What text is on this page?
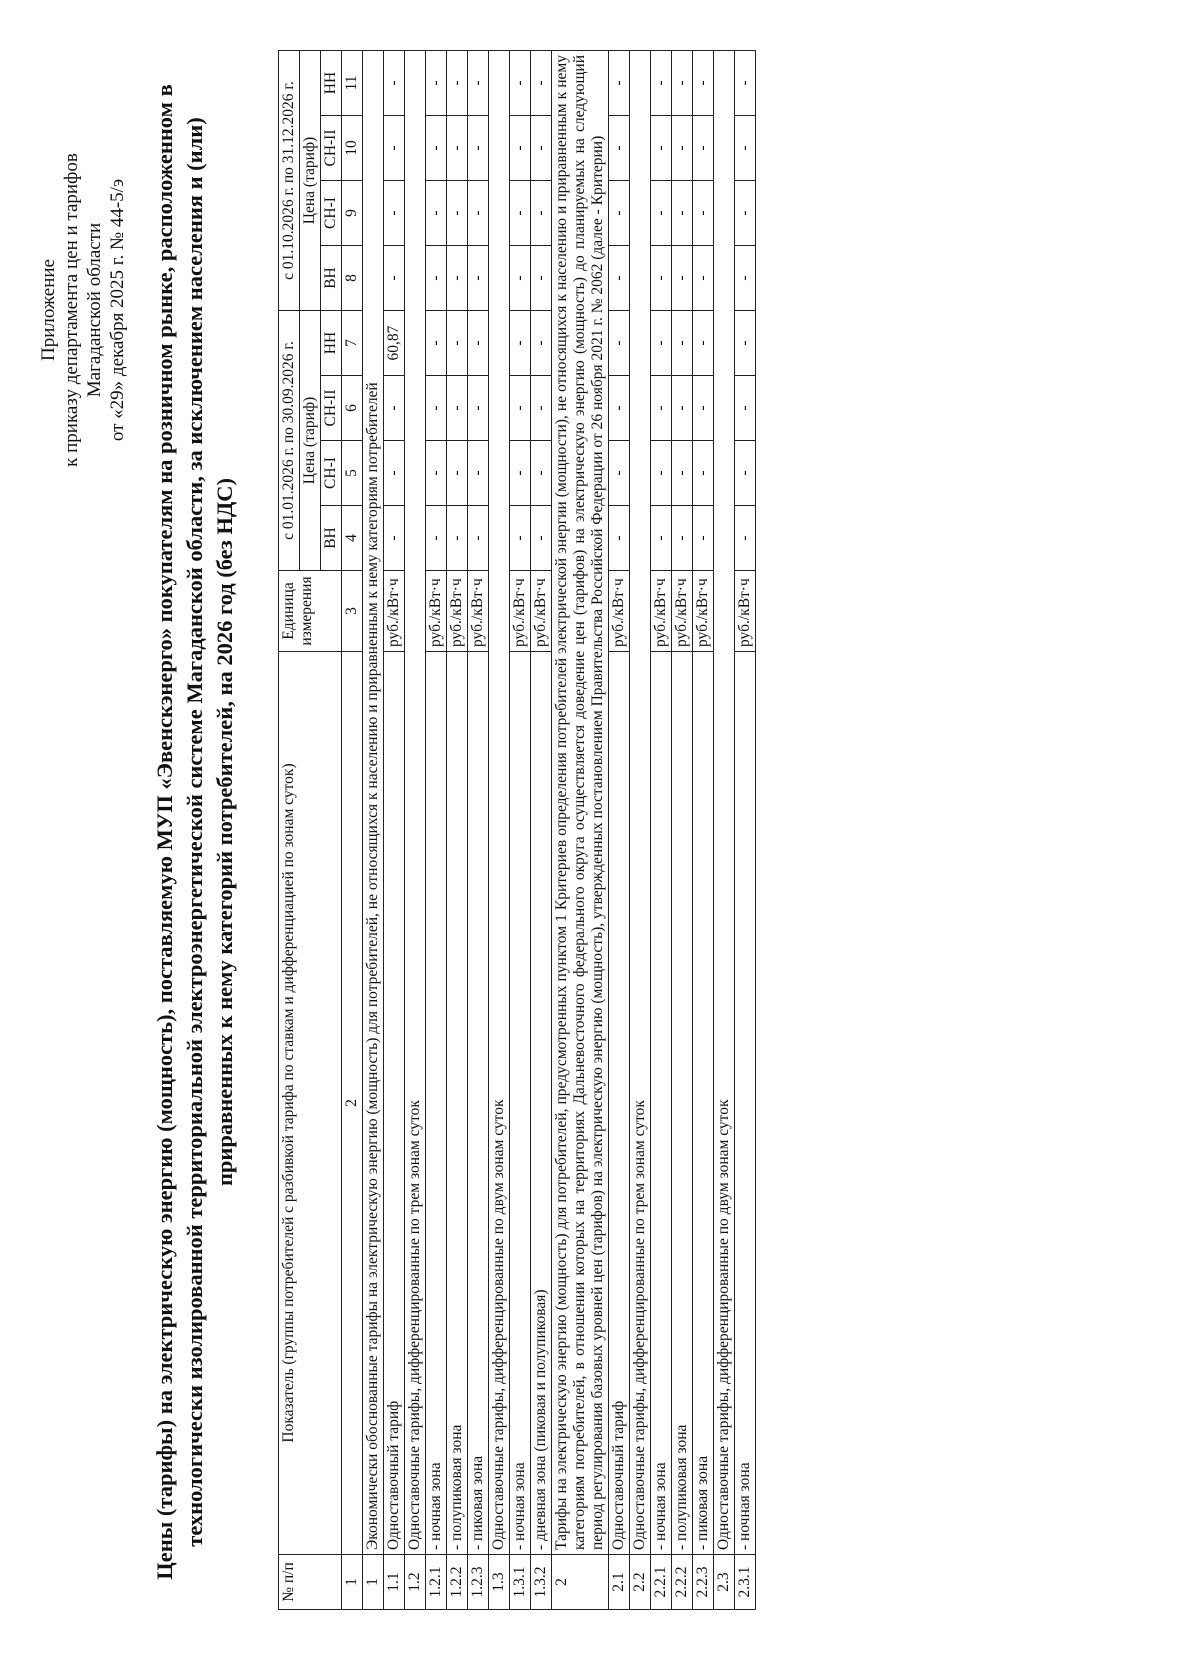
Приложение к приказу департамента цен и тарифов Магаданской области от «29» декабря 2025 г. № 44-5/э Цены (тарифы) на электрическую энергию (мощность), поставляемую МУП «Эвенскэнерго» покупателям на розничном рынке, расположенном в технологически изолированной территориальной электроэнергетической системе Магаданской области, за исключением населения и (или) приравненных к нему категорий потребителей, на 2026 год (без НДС)
№ п/п	Показатель (группы потребителей с разбивкой тарифа по ставкам и дифференциацией по зонам суток)	Единица измерения	с 01.01.2026 г. по 30.09.2026 г.				с 01.10.2026 г. по 31.12.2026 г.			
			Цена (тариф)				Цена (тариф)			
			ВН	СН-I	СН-II	НН	ВН	СН-I	СН-II	НН
1	2	3	4	5	6	7	8	9	10	11
1	Экономически обоснованные тарифы на электрическую энергию (мощность) для потребителей, не относящихся к населению и приравненным к нему категориям потребителей									
1.1	Одноставочный тариф	руб./кВт·ч	-	-	-	60,87	-	-	-	-
1.2	Одноставочные тарифы, дифференцированные по трем зонам суток									
1.2.1	- ночная зона	руб./кВт·ч	-	-	-	-	-	-	-	-
1.2.2	- полупиковая зона	руб./кВт·ч	-	-	-	-	-	-	-	-
1.2.3	- пиковая зона	руб./кВт·ч	-	-	-	-	-	-	-	-
1.3	Одноставочные тарифы, дифференцированные по двум зонам суток									
1.3.1	- ночная зона	руб./кВт·ч	-	-	-	-	-	-	-	-
1.3.2	- дневная зона (пиковая и полупиковая)	руб./кВт·ч	-	-	-	-	-	-	-	-
2	Тарифы на электрическую энергию (мощность) для потребителей, предусмотренных пунктом 1 Критериев определения потребителей электрической энергии (мощности), не относящихся к населению и приравненным к нему категориям потребителей, в отношении которых на территориях Дальневосточного федерального округа осуществляется доведение цен (тарифов) на электрическую энергию (мощность) до планируемых на следующий период регулирования базовых уровней цен (тарифов) на электрическую энергию (мощность), утвержденных постановлением Правительства Российской Федерации от 26 ноября 2021 г. № 2062 (далее - Критерии)									
2.1	Одноставочный тариф	руб./кВт·ч	-	-	-	-	-	-	-	-
2.2	Одноставочные тарифы, дифференцированные по трем зонам суток									
2.2.1	- ночная зона	руб./кВт·ч	-	-	-	-	-	-	-	-
2.2.2	- полупиковая зона	руб./кВт·ч	-	-	-	-	-	-	-	-
2.2.3	- пиковая зона	руб./кВт·ч	-	-	-	-	-	-	-	-
2.3	Одноставочные тарифы, дифференцированные по двум зонам суток									
2.3.1	- ночная зона	руб./кВт·ч	-	-	-	-	-	-	-	-
